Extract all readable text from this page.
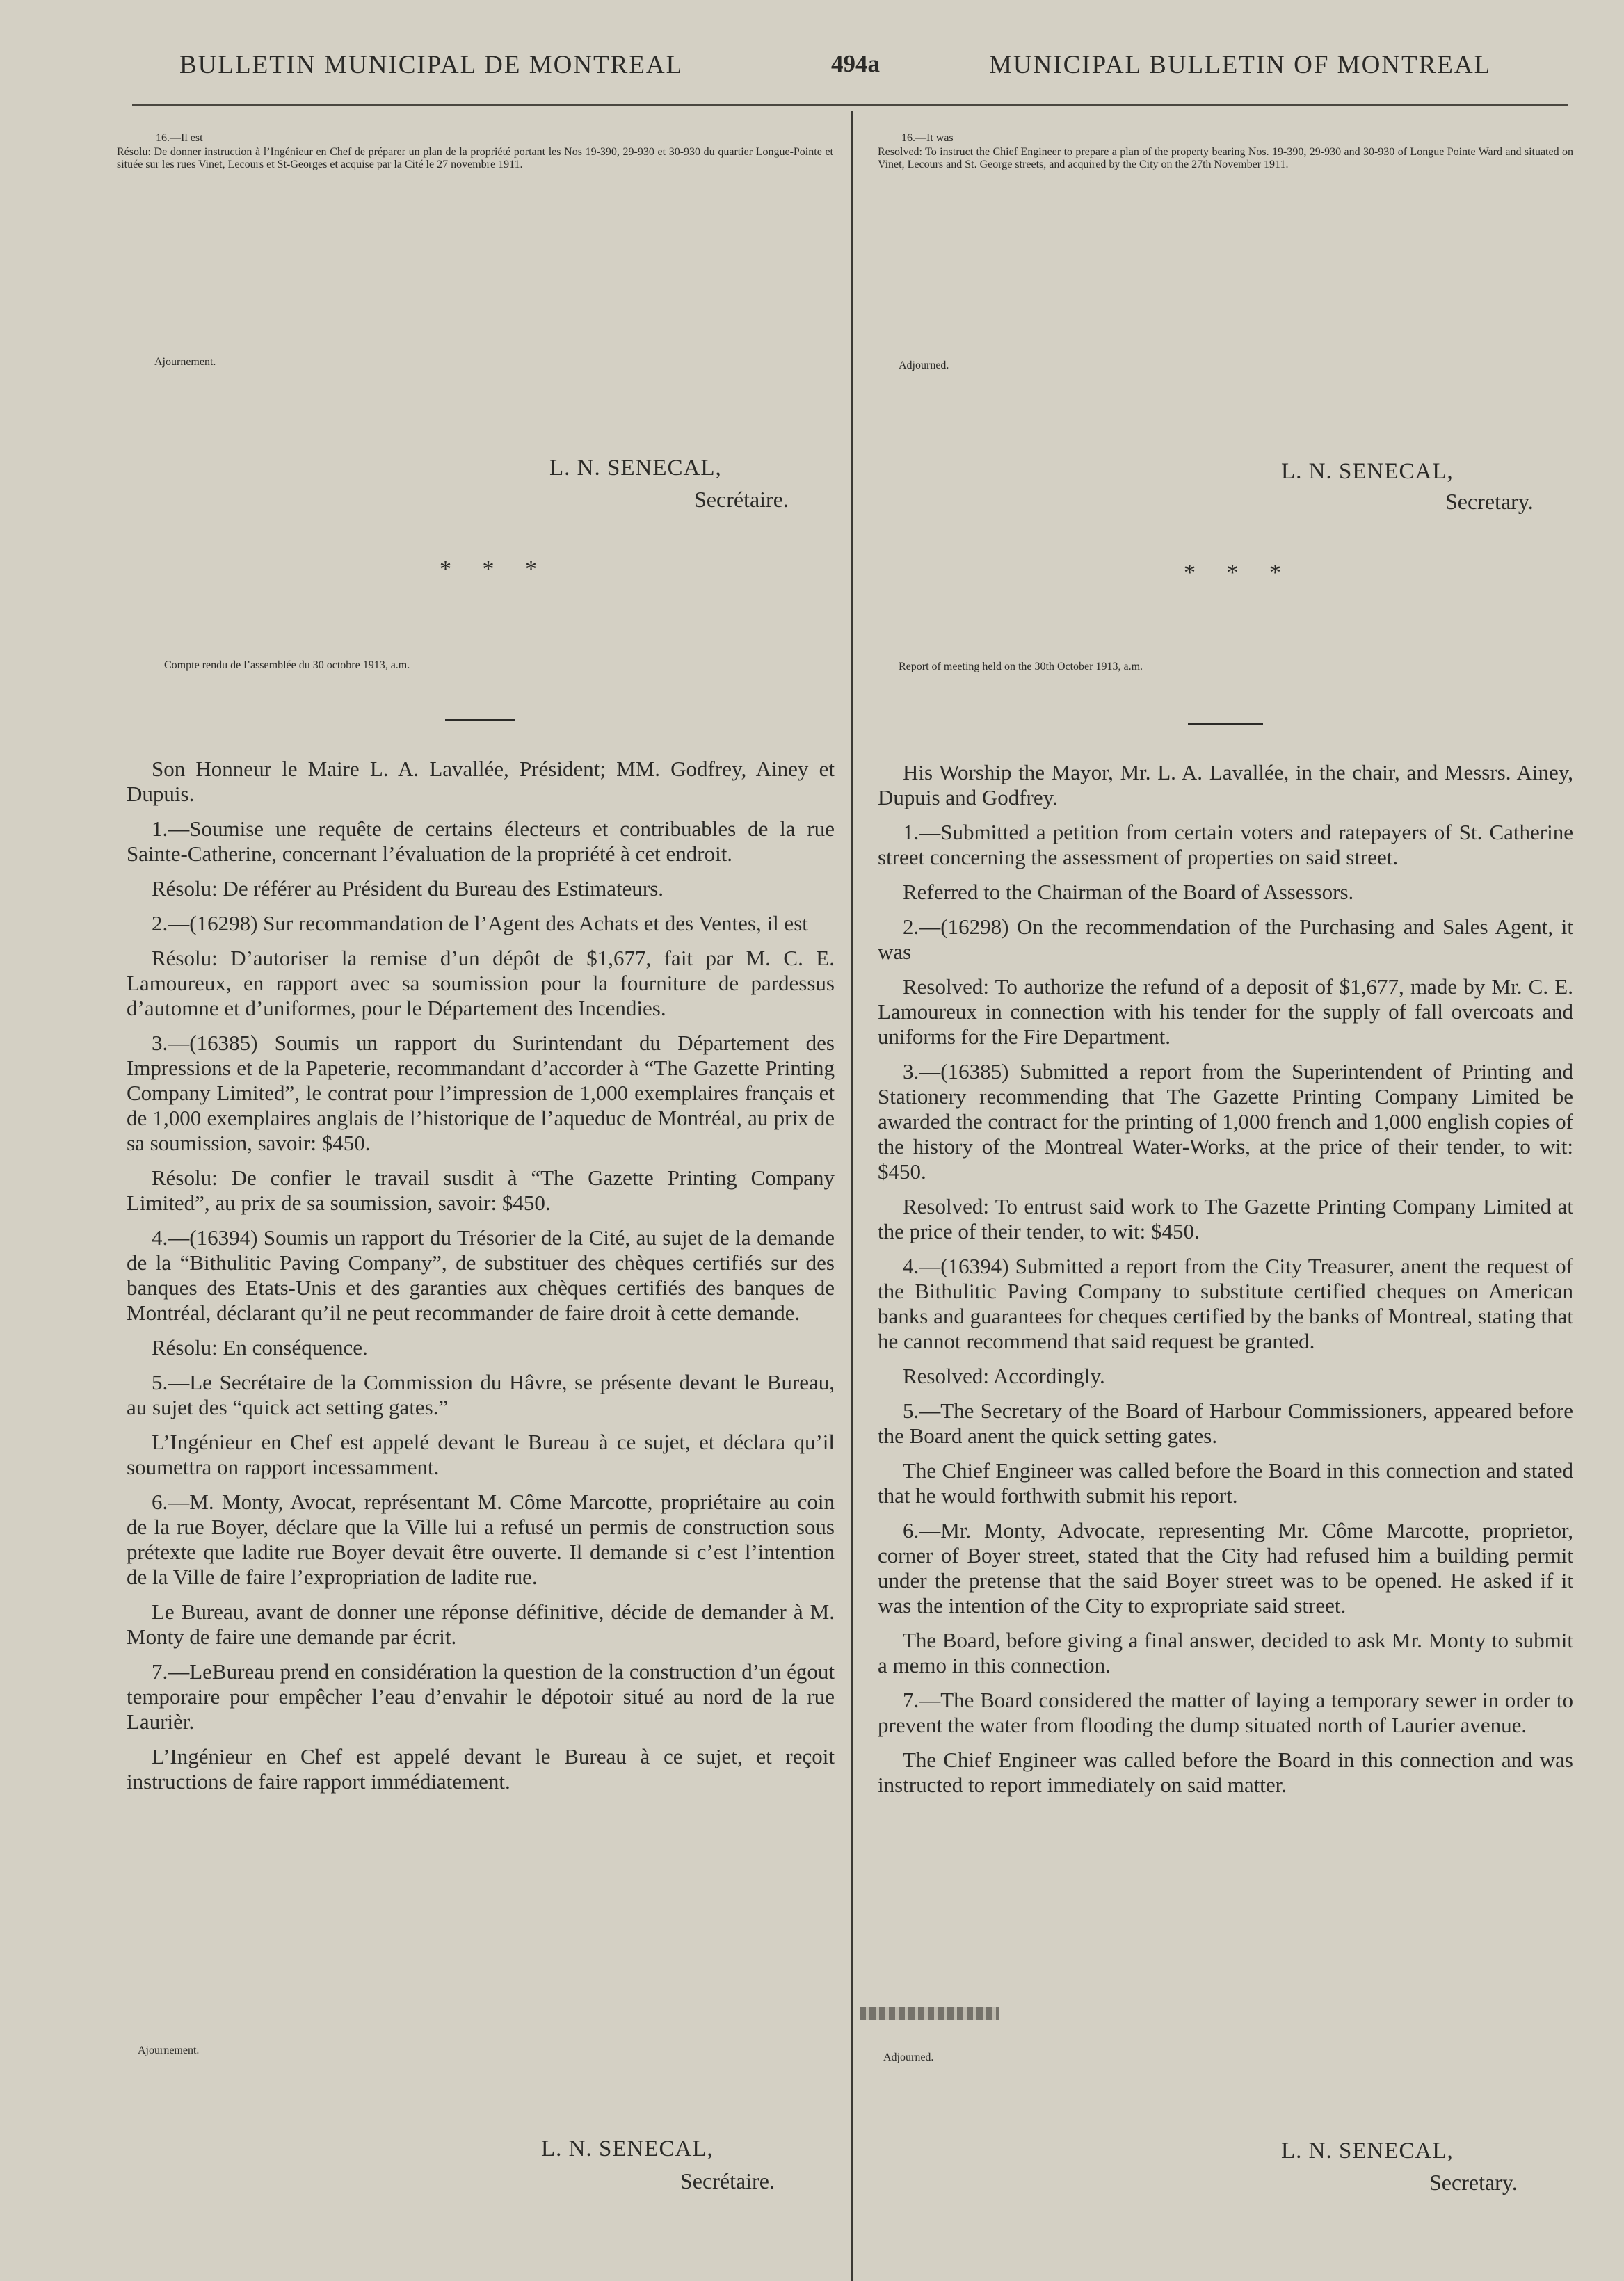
BULLETIN MUNICIPAL DE MONTREAL	494a	MUNICIPAL BULLETIN OF MONTREAL

16.—Il est

Résolu: De donner instruction à l’Ingénieur en Chef de préparer un plan de la propriété portant les Nos 19-390, 29-930 et 30-930 du quartier Longue-Pointe et située sur les rues Vinet, Lecours et St-Georges et acquise par la Cité le 27 novembre 1911.

Ajournement.
L. N. SENECAL,
Secrétaire.
* * *
Compte rendu de l’assemblée du 30 octobre 1913, a.m.

Son Honneur le Maire L. A. Lavallée, Président; MM. Godfrey, Ainey et Dupuis.

1.—Soumise une requête de certains électeurs et contribuables de la rue Sainte-Catherine, concernant l’évaluation de la propriété à cet endroit.

Résolu: De référer au Président du Bureau des Estimateurs.

2.—(16298) Sur recommandation de l’Agent des Achats et des Ventes, il est

Résolu: D’autoriser la remise d’un dépôt de $1,677, fait par M. C. E. Lamoureux, en rapport avec sa soumission pour la fourniture de pardessus d’automne et d’uniformes, pour le Département des Incendies.

3.—(16385) Soumis un rapport du Surintendant du Département des Impressions et de la Papeterie, recommandant d’accorder à “The Gazette Printing Company Limited”, le contrat pour l’impression de 1,000 exemplaires français et de 1,000 exemplaires anglais de l’historique de l’aqueduc de Montréal, au prix de sa soumission, savoir: $450.

Résolu: De confier le travail susdit à “The Gazette Printing Company Limited”, au prix de sa soumission, savoir: $450.

4.—(16394) Soumis un rapport du Trésorier de la Cité, au sujet de la demande de la “Bithulitic Paving Company”, de substituer des chèques certifiés sur des banques des Etats-Unis et des garanties aux chèques certifiés des banques de Montréal, déclarant qu’il ne peut recommander de faire droit à cette demande.

Résolu: En conséquence.

5.—Le Secrétaire de la Commission du Hâvre, se présente devant le Bureau, au sujet des “quick act setting gates.”

L’Ingénieur en Chef est appelé devant le Bureau à ce sujet, et déclara qu’il soumettra on rapport incessamment.

6.—M. Monty, Avocat, représentant M. Côme Marcotte, propriétaire au coin de la rue Boyer, déclare que la Ville lui a refusé un permis de construction sous prétexte que ladite rue Boyer devait être ouverte. Il demande si c’est l’intention de la Ville de faire l’expropriation de ladite rue.

Le Bureau, avant de donner une réponse définitive, décide de demander à M. Monty de faire une demande par écrit.

7.—LeBureau prend en considération la question de la construction d’un égout temporaire pour empêcher l’eau d’envahir le dépotoir situé au nord de la rue Laurièr.

L’Ingénieur en Chef est appelé devant le Bureau à ce sujet, et reçoit instructions de faire rapport immédiatement.

Ajournement.
L. N. SENECAL,
Secrétaire.

16.—It was

Resolved: To instruct the Chief Engineer to prepare a plan of the property bearing Nos. 19-390, 29-930 and 30-930 of Longue Pointe Ward and situated on Vinet, Lecours and St. George streets, and acquired by the City on the 27th November 1911.

Adjourned.
L. N. SENECAL,
Secretary.
* * *
Report of meeting held on the 30th October 1913, a.m.

His Worship the Mayor, Mr. L. A. Lavallée, in the chair, and Messrs. Ainey, Dupuis and Godfrey.

1.—Submitted a petition from certain voters and ratepayers of St. Catherine street concerning the assessment of properties on said street.

Referred to the Chairman of the Board of Assessors.

2.—(16298) On the recommendation of the Purchasing and Sales Agent, it was

Resolved: To authorize the refund of a deposit of $1,677, made by Mr. C. E. Lamoureux in connection with his tender for the supply of fall overcoats and uniforms for the Fire Department.

3.—(16385) Submitted a report from the Superintendent of Printing and Stationery recommending that The Gazette Printing Company Limited be awarded the contract for the printing of 1,000 french and 1,000 english copies of the history of the Montreal Water-Works, at the price of their tender, to wit: $450.

Resolved: To entrust said work to The Gazette Printing Company Limited at the price of their tender, to wit: $450.

4.—(16394) Submitted a report from the City Treasurer, anent the request of the Bithulitic Paving Company to substitute certified cheques on American banks and guarantees for cheques certified by the banks of Montreal, stating that he cannot recommend that said request be granted.

Resolved: Accordingly.

5.—The Secretary of the Board of Harbour Commissioners, appeared before the Board anent the quick setting gates.

The Chief Engineer was called before the Board in this connection and stated that he would forthwith submit his report.

6.—Mr. Monty, Advocate, representing Mr. Côme Marcotte, proprietor, corner of Boyer street, stated that the City had refused him a building permit under the pretense that the said Boyer street was to be opened. He asked if it was the intention of the City to expropriate said street.

The Board, before giving a final answer, decided to ask Mr. Monty to submit a memo in this connection.

7.—The Board considered the matter of laying a temporary sewer in order to prevent the water from flooding the dump situated north of Laurier avenue.

The Chief Engineer was called before the Board in this connection and was instructed to report immediately on said matter.

Adjourned.
L. N. SENECAL,
Secretary.
